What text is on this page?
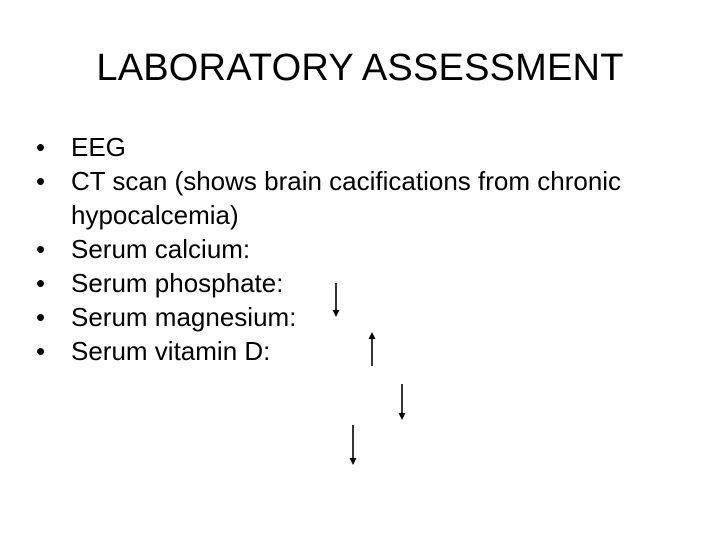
LABORATORY ASSESSMENT
• EEG
• CT scan (shows brain cacifications from chronic hypocalcemia)
• Serum calcium:
• Serum phosphate:
• Serum magnesium:
• Serum vitamin D:
